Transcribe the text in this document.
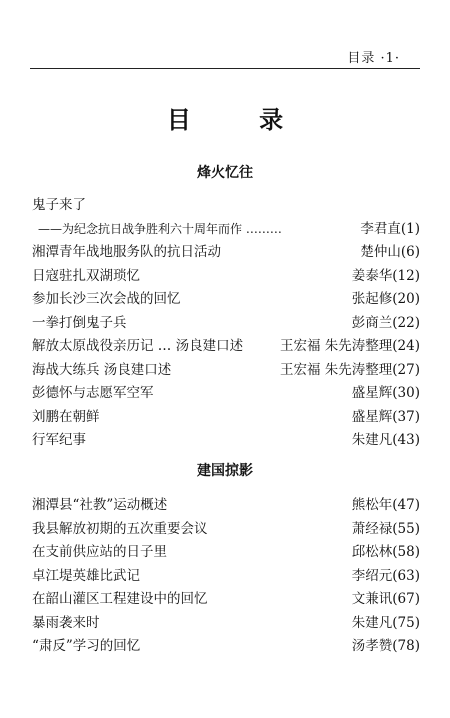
目录 ·1·
目 录
烽火忆往
鬼子来了
——为纪念抗日战争胜利六十周年而作 ………	李君直(1)
湘潭青年战地服务队的抗日活动	楚仲山(6)
日寇驻扎双湖琐忆	姜泰华(12)
参加长沙三次会战的回忆	张起修(20)
一拳打倒鬼子兵	彭商兰(22)
解放太原战役亲历记 … 汤良建口述	王宏福 朱先涛整理(24)
海战大练兵 汤良建口述	王宏福 朱先涛整理(27)
彭德怀与志愿军空军	盛星辉(30)
刘鹏在朝鲜	盛星辉(37)
行军纪事	朱建凡(43)
建国掠影
湘潭县“社教”运动概述	熊松年(47)
我县解放初期的五次重要会议	萧经禄(55)
在支前供应站的日子里	邱松林(58)
卓江堤英雄比武记	李绍元(63)
在韶山灌区工程建设中的回忆	文兼讯(67)
暴雨袭来时	朱建凡(75)
“肃反”学习的回忆	汤孝赞(78)
